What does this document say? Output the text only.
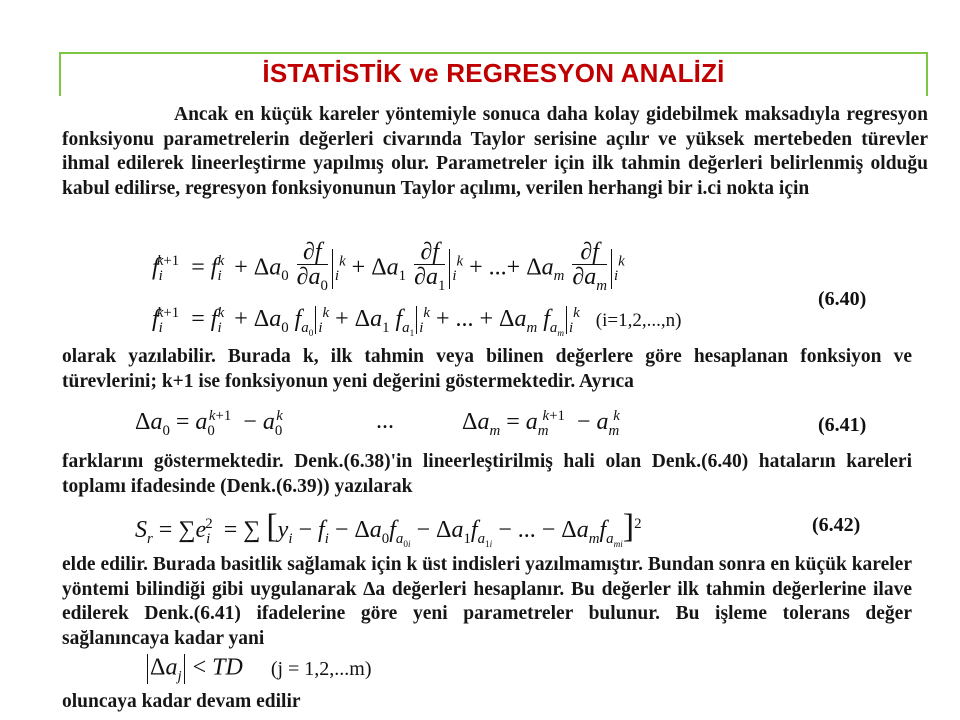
İSTATİSTİK ve REGRESYON ANALİZİ

Ancak en küçük kareler yöntemiyle sonuca daha kolay gidebilmek maksadıyla regresyon fonksiyonu parametrelerin değerleri civarında Taylor serisine açılır ve yüksek mertebeden türevler ihmal edilerek lineerleştirme yapılmış olur. Parametreler için ilk tahmin değerleri belirlenmiş olduğu kabul edilirse, regresyon fonksiyonunun Taylor açılımı, verilen herhangi bir i.ci nokta için

$f_i^{k+1} = f_i^k + \Delta a_0 \frac{\partial f}{\partial a_0} _i^k + \Delta a_1 \frac{\partial f}{\partial a_1} _i^k$ + ...+ $\Delta a_m \frac{\partial f}{\partial a_m} _i^k$
(6.40)
$f_i^{k+1} = f_i^k + \Delta a_0$ $f_{a_0}$ $_i^k + \Delta a_1$ $f_{a_1}$ $_i^k$ + ... + $\Delta a_m$ $f_{a_m}$ $_i^k$ (i=1,2,...,n)

olarak yazılabilir. Burada k, ilk tahmin veya bilinen değerlere göre hesaplanan fonksiyon ve türevlerini; k+1 ise fonksiyonun yeni değerini göstermektedir. Ayrıca

$\Delta a_0 = a_0^{k+1} - a_0^k$	...	$\Delta a_m = a_m^{k+1} - a_m^k$	(6.41)

farklarını göstermektedir. Denk.(6.38)'in lineerleştirilmiş hali olan Denk.(6.40) hataların kareleri toplamı ifadesinde (Denk.(6.39)) yazılarak

$S_r = \sum e_i^2$ = ∑ [$y_i - f_i - \Delta a_0f_{a_{0i}} - \Delta a_1f_{a_{1i}}$ − ... − $\Delta a_mf_{a_{mi}}]^2$	(6.42)

elde edilir. Burada basitlik sağlamak için k üst indisleri yazılmamıştır. Bundan sonra en küçük kareler yöntemi bilindiği gibi uygulanarak Δa değerleri hesaplanır. Bu değerler ilk tahmin değerlerine ilave edilerek Denk.(6.41) ifadelerine göre yeni parametreler bulunur. Bu işleme tolerans değer sağlanıncaya kadar yani

$\Delta a_j$ < TD (j = 1,2,...m)

oluncaya kadar devam edilir
